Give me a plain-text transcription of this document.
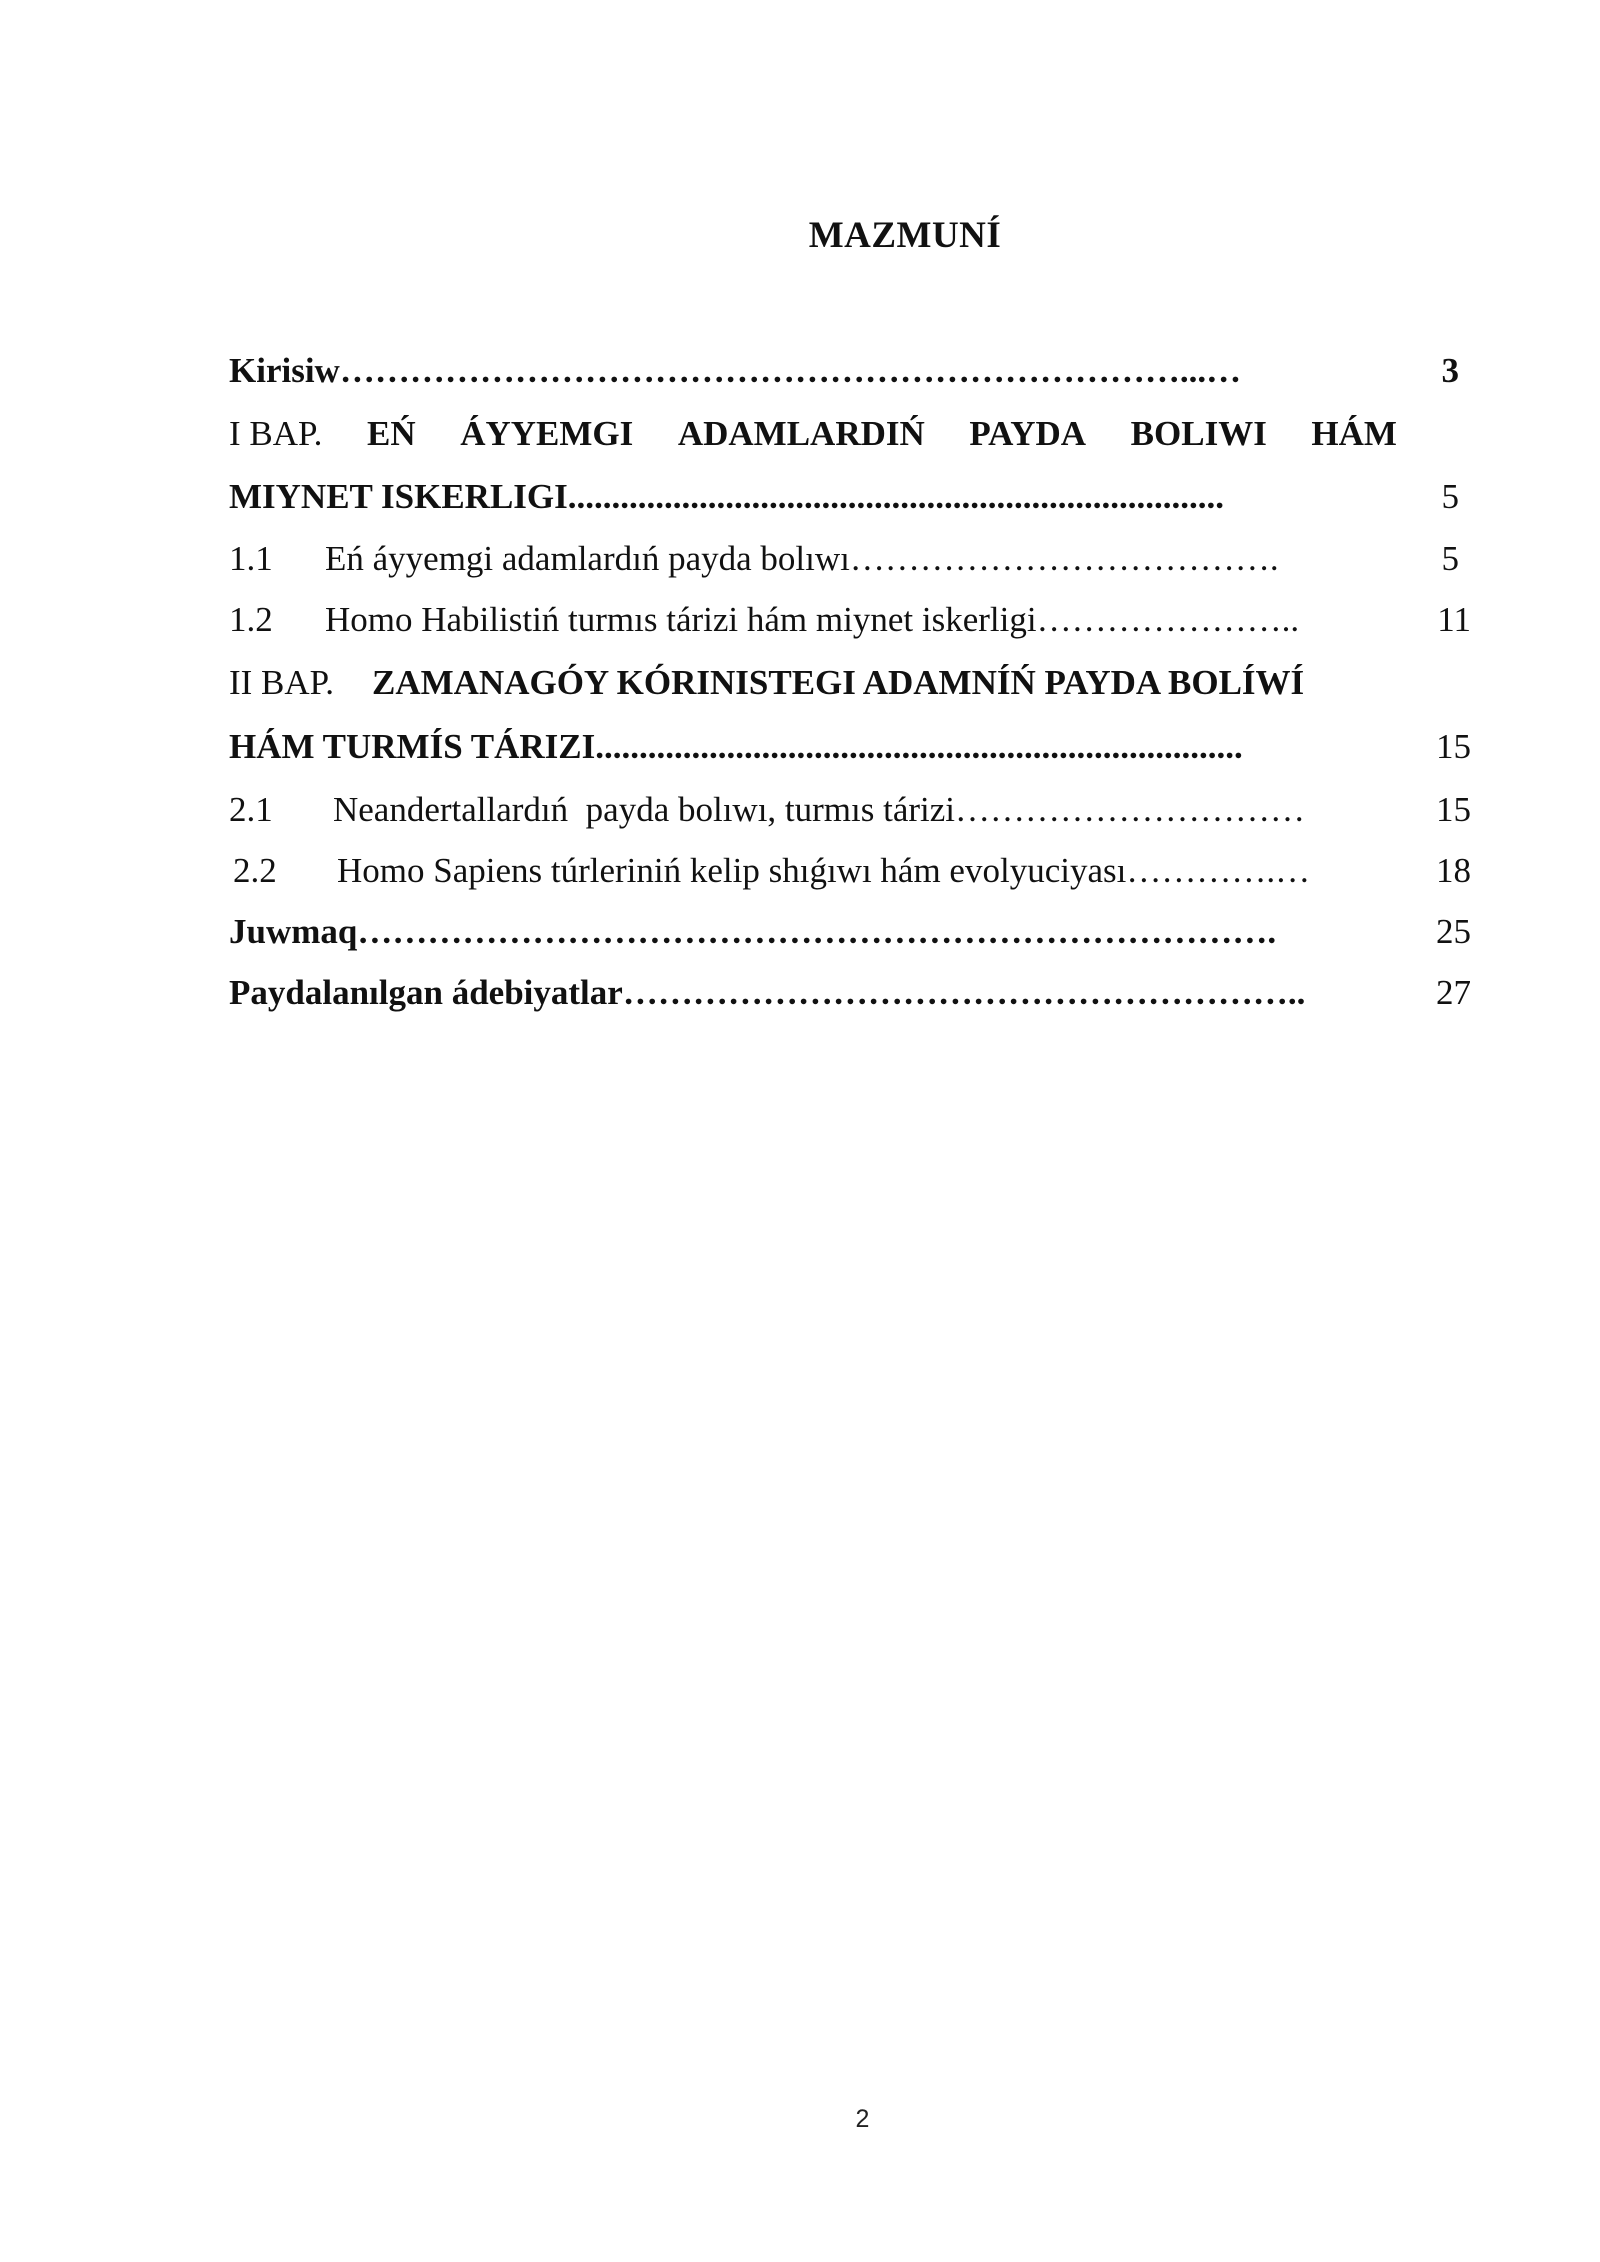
MAZMUNÍ
Kirisiw………………………………………………………………...…	3
I BAP. EŃ ÁYYEMGI ADAMLARDIŃ PAYDA BOLIWI HÁM
MIYNET ISKERLIGI...........................................................................	5
1.1 Eń áyyemgi adamlardıń payda bolıwı……………………………….	5
1.2 Homo Habilistiń turmıs tárizi hám miynet iskerligi…………………..	11
II BAP. ZAMANAGÓY KÓRINISTEGI ADAMNÍŃ PAYDA BOLÍWÍ
HÁM TURMÍS TÁRIZI..........................................................................	15
2.1 Neandertallardıń  payda bolıwı, turmıs tárizi…………………………	15
2.2 Homo Sapiens túrleriniń kelip shıǵıwı hám evolyuciyası………….…	18
Juwmaq…………………………………………………………………….	25
Paydalanılgan ádebiyatlar…………………………………………………..	27
2
